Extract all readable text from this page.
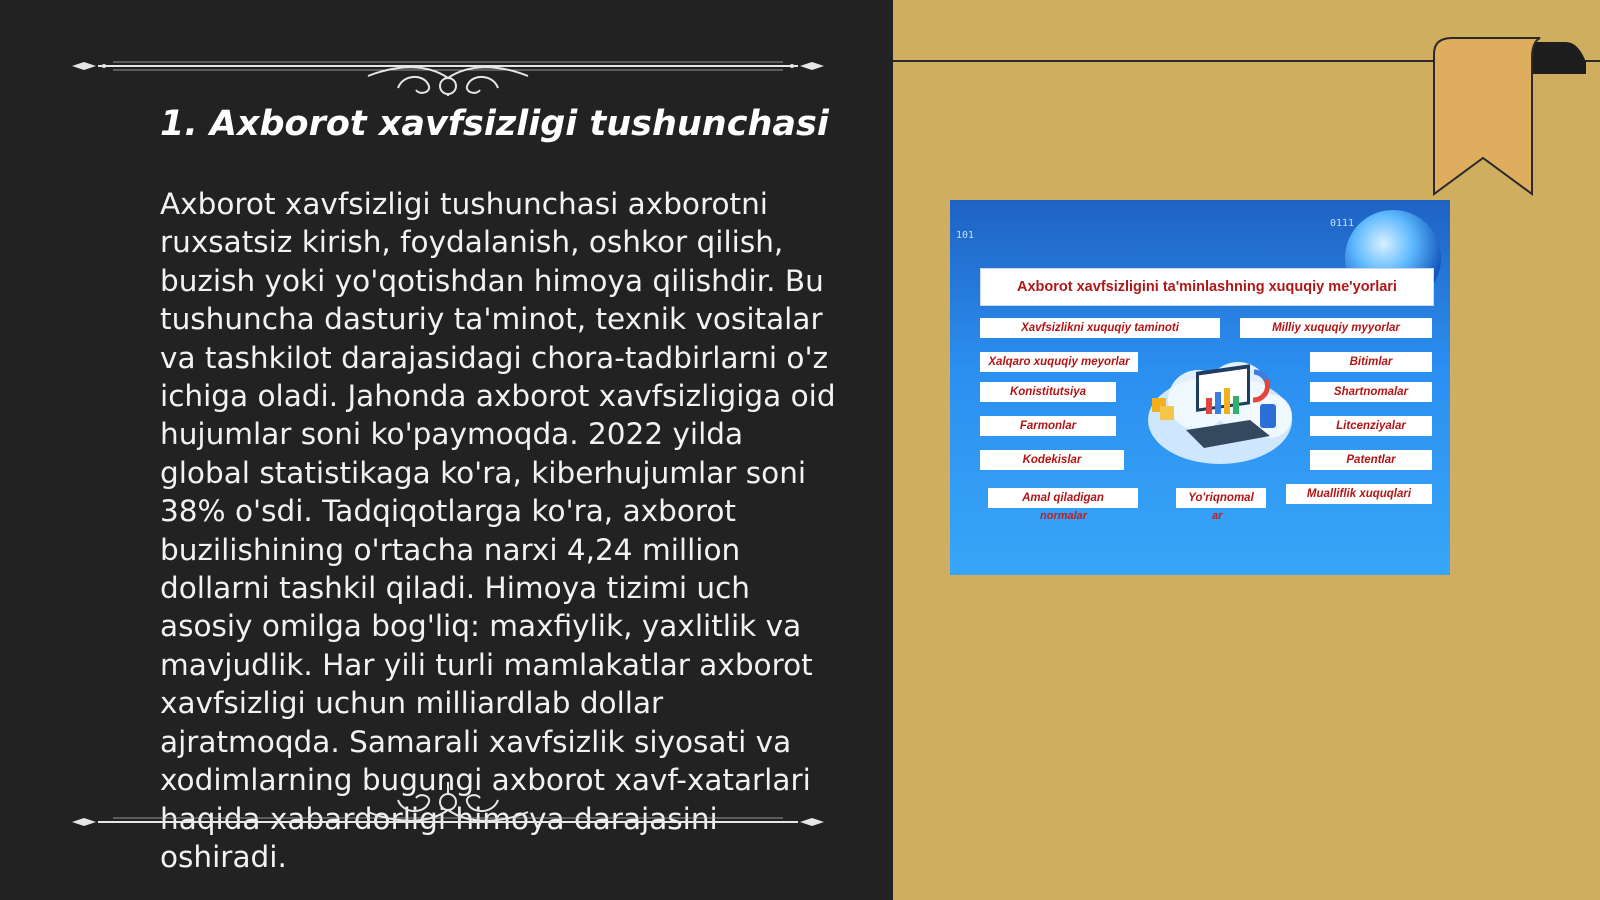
1. Axborot xavfsizligi tushunchasi

Axborot xavfsizligi tushunchasi axborotni ruxsatsiz kirish, foydalanish, oshkor qilish, buzish yoki yo'qotishdan himoya qilishdir. Bu tushuncha dasturiy ta'minot, texnik vositalar va tashkilot darajasidagi chora-tadbirlarni o'z ichiga oladi. Jahonda axborot xavfsizligiga oid hujumlar soni ko'paymoqda. 2022 yilda global statistikaga ko'ra, kiberhujumlar soni 38% o'sdi. Tadqiqotlarga ko'ra, axborot buzilishining o'rtacha narxi 4,24 million dollarni tashkil qiladi. Himoya tizimi uch asosiy omilga bog'liq: maxfiylik, yaxlitlik va mavjudlik. Har yili turli mamlakatlar axborot xavfsizligi uchun milliardlab dollar ajratmoqda. Samarali xavfsizlik siyosati va xodimlarning bugungi axborot xavf-xatarlari haqida xabardorligi himoya darajasini oshiradi.

0111
101
Axborot xavfsizligini ta'minlashning xuquqiy me'yorlari
Xavfsizlikni xuquqiy taminoti	Milliy xuquqiy myyorlar
Xalqaro xuquqiy meyorlar	Bitimlar
Konistitutsiya	Shartnomalar
Farmonlar	Litcenziyalar
Kodekislar	Patentlar
Amal qiladigan
normalar
Yo'riqnomal
ar
Mualliflik xuquqlari
